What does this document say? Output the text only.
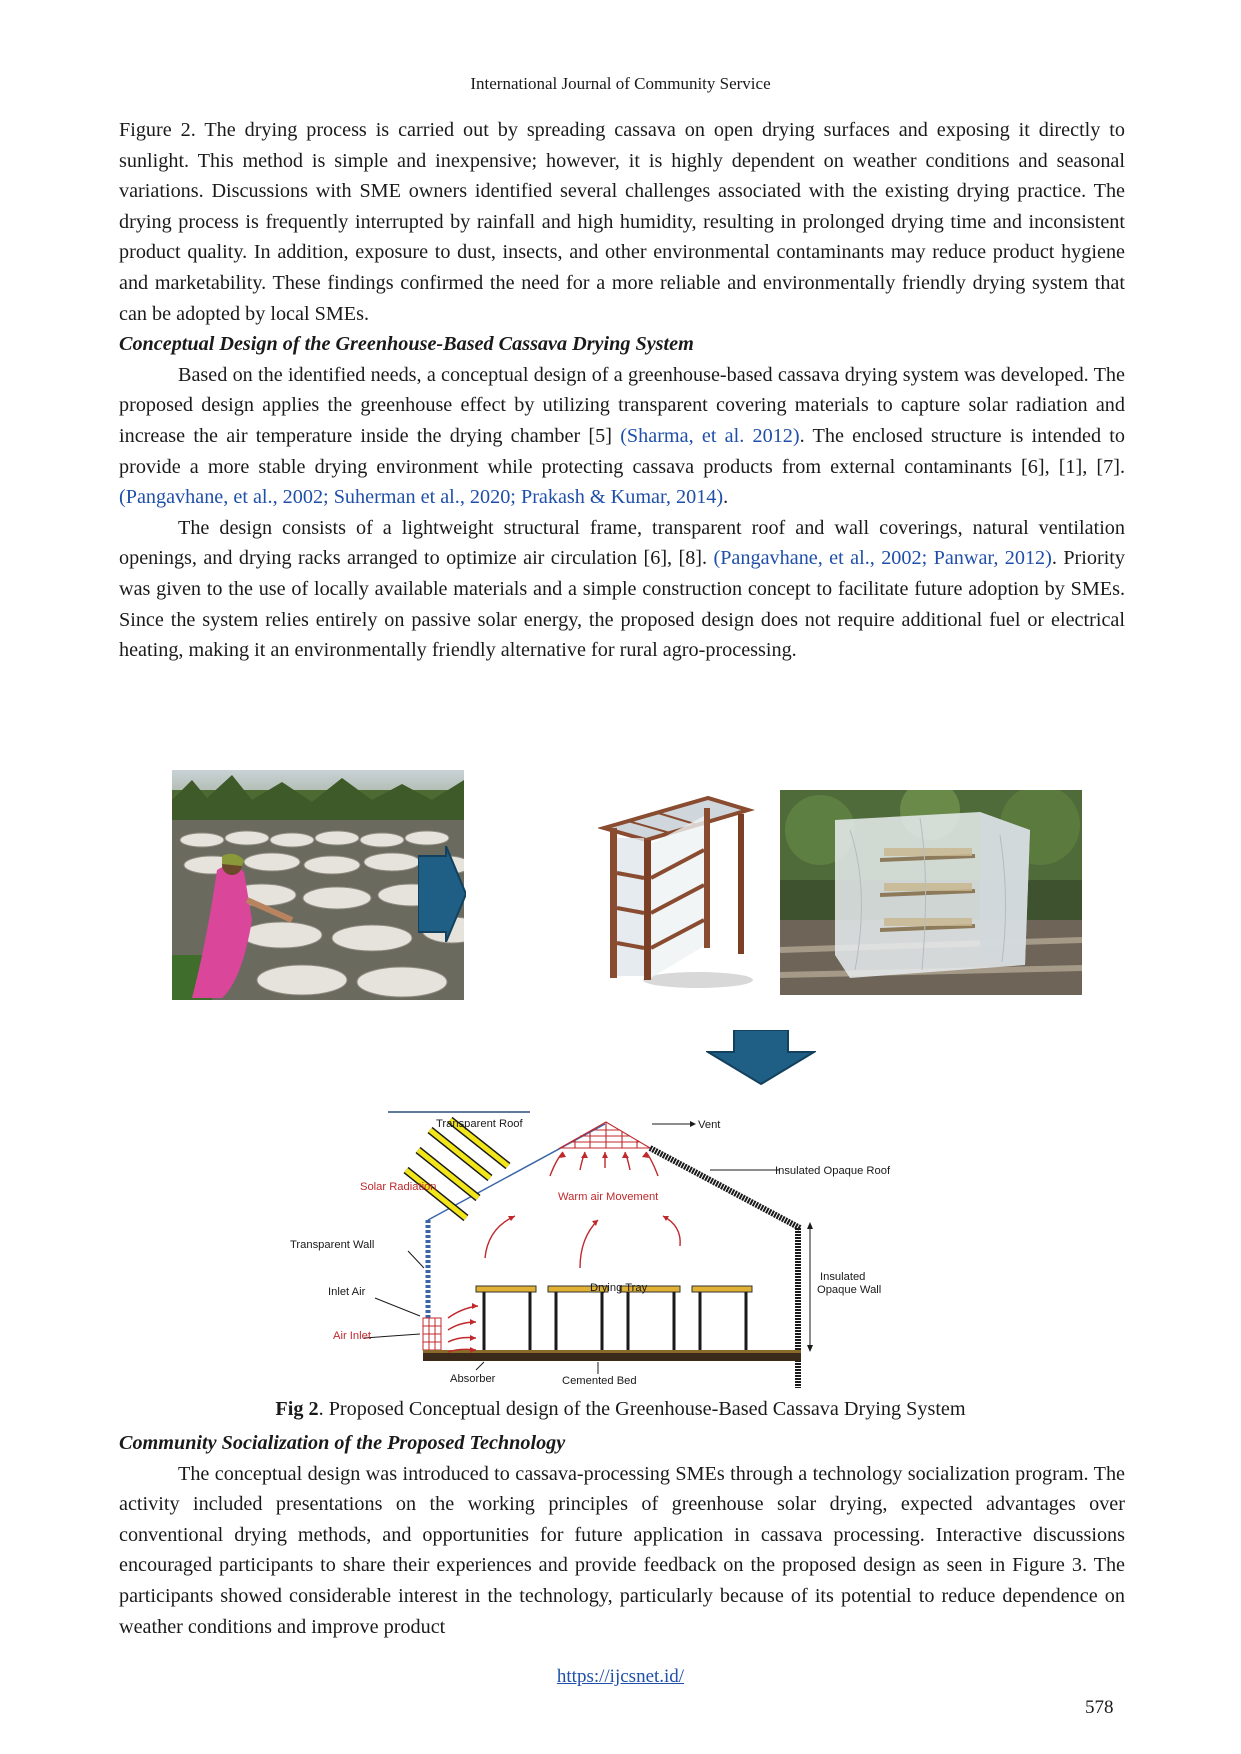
International Journal of Community Service

Figure 2. The drying process is carried out by spreading cassava on open drying surfaces and exposing it directly to sunlight. This method is simple and inexpensive; however, it is highly dependent on weather conditions and seasonal variations. Discussions with SME owners identified several challenges associated with the existing drying practice. The drying process is frequently interrupted by rainfall and high humidity, resulting in prolonged drying time and inconsistent product quality. In addition, exposure to dust, insects, and other environmental contaminants may reduce product hygiene and marketability. These findings confirmed the need for a more reliable and environmentally friendly drying system that can be adopted by local SMEs.

Conceptual Design of the Greenhouse-Based Cassava Drying System

Based on the identified needs, a conceptual design of a greenhouse-based cassava drying system was developed. The proposed design applies the greenhouse effect by utilizing transparent covering materials to capture solar radiation and increase the air temperature inside the drying chamber [5] (Sharma, et al. 2012). The enclosed structure is intended to provide a more stable drying environment while protecting cassava products from external contaminants [6], [1], [7]. (Pangavhane, et al., 2002; Suherman et al., 2020; Prakash & Kumar, 2014).

The design consists of a lightweight structural frame, transparent roof and wall coverings, natural ventilation openings, and drying racks arranged to optimize air circulation [6], [8]. (Pangavhane, et al., 2002; Panwar, 2012). Priority was given to the use of locally available materials and a simple construction concept to facilitate future adoption by SMEs. Since the system relies entirely on passive solar energy, the proposed design does not require additional fuel or electrical heating, making it an environmentally friendly alternative for rural agro-processing.

Transparent Roof	Vent
Insulated Opaque Roof
Solar Radiation
Warm air Movement
Transparent Wall
Insulated
Opaque Wall
Inlet Air	Drying Tray
Air Inlet
Absorber	Cemented Bed
Fig 2. Proposed Conceptual design of the Greenhouse-Based Cassava Drying System

Community Socialization of the Proposed Technology

The conceptual design was introduced to cassava-processing SMEs through a technology socialization program. The activity included presentations on the working principles of greenhouse solar drying, expected advantages over conventional drying methods, and opportunities for future application in cassava processing. Interactive discussions encouraged participants to share their experiences and provide feedback on the proposed design as seen in Figure 3. The participants showed considerable interest in the technology, particularly because of its potential to reduce dependence on weather conditions and improve product

https://ijcsnet.id/
578
